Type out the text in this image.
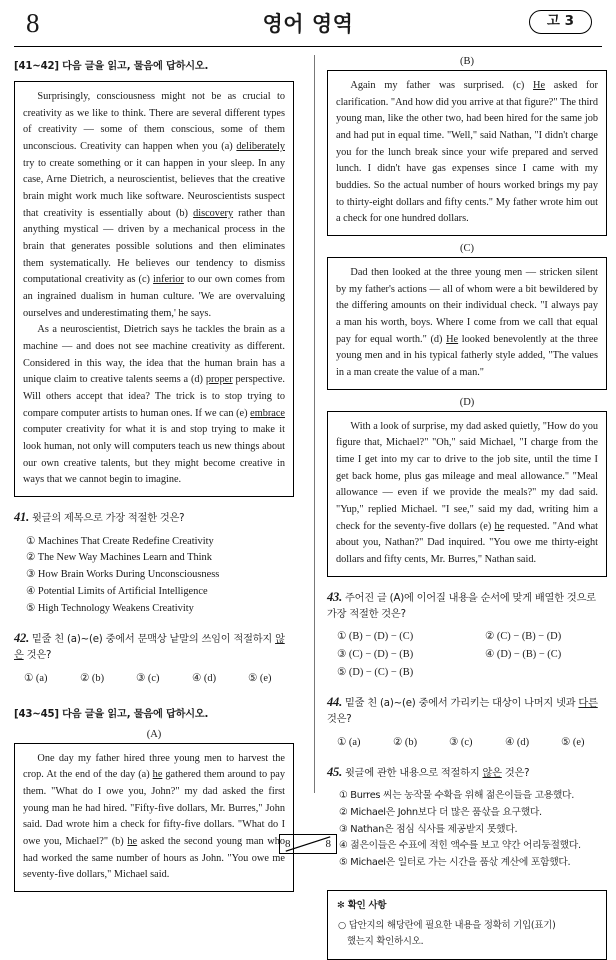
8	영어 영역	고 3
[41~42] 다음 글을 읽고, 물음에 답하시오.

Surprisingly, consciousness might not be as crucial to creativity as we like to think. There are several different types of creativity — some of them conscious, some of them unconscious. Creativity can happen when you (a) deliberately try to create something or it can happen in your sleep. In any case, Arne Dietrich, a neuroscientist, believes that the creative brain might work much like software. Neuroscientists suspect that creativity is essentially about (b) discovery rather than anything mystical — driven by a mechanical process in the brain that generates possible solutions and then eliminates them systematically. He believes our tendency to dismiss computational creativity as (c) inferior to our own comes from an ingrained dualism in human culture. 'We are overvaluing ourselves and underestimating them,' he says.

As a neuroscientist, Dietrich says he tackles the brain as a machine — and does not see machine creativity as different. Considered in this way, the idea that the human brain has a unique claim to creative talents seems a (d) proper perspective. Will others accept that idea? The trick is to stop trying to compare computer artists to human ones. If we can (e) embrace computer creativity for what it is and stop trying to make it look human, not only will computers teach us new things about our own creative talents, but they might become creative in ways that we cannot begin to imagine.

41. 윗글의 제목으로 가장 적절한 것은?
① Machines That Create Redefine Creativity
② The New Way Machines Learn and Think
③ How Brain Works During Unconsciousness
④ Potential Limits of Artificial Intelligence
⑤ High Technology Weakens Creativity
42. 밑줄 친 (a)~(e) 중에서 문맥상 낱말의 쓰임이 적절하지 않은 것은?
① (a)	② (b)	③ (c)	④ (d)	⑤ (e)
[43~45] 다음 글을 읽고, 물음에 답하시오.
(A)

One day my father hired three young men to harvest the crop. At the end of the day (a) he gathered them around to pay them. "What do I owe you, John?" my dad asked the first young man he had hired. "Fifty-five dollars, Mr. Burres," John said. Dad wrote him a check for fifty-five dollars. "What do I owe you, Michael?" (b) he asked the second young man who had worked the same number of hours as John. "You owe me seventy-five dollars," Michael said.

(B)

Again my father was surprised. (c) He asked for clarification. "And how did you arrive at that figure?" The third young man, like the other two, had been hired for the same job and had put in equal time. "Well," said Nathan, "I didn't charge you for the lunch break since your wife prepared and served lunch. I didn't have gas expenses since I came with my buddies. So the actual number of hours worked brings my pay to thirty-eight dollars and fifty cents." My father wrote him out a check for one hundred dollars.

(C)

Dad then looked at the three young men — stricken silent by my father's actions — all of whom were a bit bewildered by the differing amounts on their individual check. "I always pay a man his worth, boys. Where I come from we call that equal pay for equal worth." (d) He looked benevolently at the three young men and in his typical fatherly style added, "The values in a man create the value of a man."

(D)

With a look of surprise, my dad asked quietly, "How do you figure that, Michael?" "Oh," said Michael, "I charge from the time I get into my car to drive to the job site, until the time I get back home, plus gas mileage and meal allowance." "Meal allowance — even if we provide the meals?" my dad said. "Yup," replied Michael. "I see," said my dad, writing him a check for the seventy-five dollars (e) he requested. "And what about you, Nathan?" Dad inquired. "You owe me thirty-eight dollars and fifty cents, Mr. Burres," Nathan said.

43. 주어진 글 (A)에 이어질 내용을 순서에 맞게 배열한 것으로 가장 적절한 것은?
① (B) − (D) − (C)	② (C) − (B) − (D)
③ (C) − (D) − (B)	④ (D) − (B) − (C)
⑤ (D) − (C) − (B)
44. 밑줄 친 (a)~(e) 중에서 가리키는 대상이 나머지 넷과 다른 것은?
① (a)	② (b)	③ (c)	④ (d)	⑤ (e)
45. 윗글에 관한 내용으로 적절하지 않은 것은?
① Burres 씨는 농작물 수확을 위해 젊은이들을 고용했다.
② Michael은 John보다 더 많은 품삯을 요구했다.
③ Nathan은 점심 식사를 제공받지 못했다.
④ 젊은이들은 수표에 적힌 액수를 보고 약간 어리둥절했다.
⑤ Michael은 일터로 가는 시간을 품삯 계산에 포함했다.
✻ 확인 사항
○ 답안지의 해당란에 필요한 내용을 정확히 기입(표기)
했는지 확인하시오.
8	8
